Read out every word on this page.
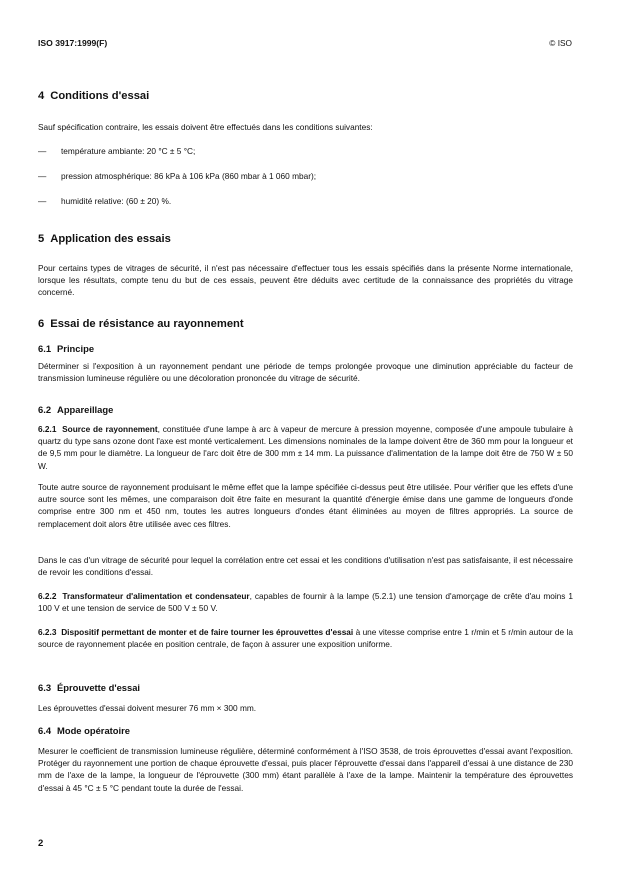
ISO 3917:1999(F)	© ISO
4 Conditions d'essai
Sauf spécification contraire, les essais doivent être effectués dans les conditions suivantes:
— température ambiante: 20 °C ± 5 °C;
— pression atmosphérique: 86 kPa à 106 kPa (860 mbar à 1 060 mbar);
— humidité relative: (60 ± 20) %.
5 Application des essais
Pour certains types de vitrages de sécurité, il n'est pas nécessaire d'effectuer tous les essais spécifiés dans la présente Norme internationale, lorsque les résultats, compte tenu du but de ces essais, peuvent être déduits avec certitude de la connaissance des propriétés du vitrage concerné.
6 Essai de résistance au rayonnement
6.1 Principe
Déterminer si l'exposition à un rayonnement pendant une période de temps prolongée provoque une diminution appréciable du facteur de transmission lumineuse régulière ou une décoloration prononcée du vitrage de sécurité.
6.2 Appareillage
6.2.1 Source de rayonnement, constituée d'une lampe à arc à vapeur de mercure à pression moyenne, composée d'une ampoule tubulaire à quartz du type sans ozone dont l'axe est monté verticalement. Les dimensions nominales de la lampe doivent être de 360 mm pour la longueur et de 9,5 mm pour le diamètre. La longueur de l'arc doit être de 300 mm ± 14 mm. La puissance d'alimentation de la lampe doit être de 750 W ± 50 W.
Toute autre source de rayonnement produisant le même effet que la lampe spécifiée ci-dessus peut être utilisée. Pour vérifier que les effets d'une autre source sont les mêmes, une comparaison doit être faite en mesurant la quantité d'énergie émise dans une gamme de longueurs d'onde comprise entre 300 nm et 450 nm, toutes les autres longueurs d'ondes étant éliminées au moyen de filtres appropriés. La source de remplacement doit alors être utilisée avec ces filtres.
Dans le cas d'un vitrage de sécurité pour lequel la corrélation entre cet essai et les conditions d'utilisation n'est pas satisfaisante, il est nécessaire de revoir les conditions d'essai.
6.2.2 Transformateur d'alimentation et condensateur, capables de fournir à la lampe (5.2.1) une tension d'amorçage de crête d'au moins 1 100 V et une tension de service de 500 V ± 50 V.
6.2.3 Dispositif permettant de monter et de faire tourner les éprouvettes d'essai à une vitesse comprise entre 1 r/min et 5 r/min autour de la source de rayonnement placée en position centrale, de façon à assurer une exposition uniforme.
6.3 Éprouvette d'essai
Les éprouvettes d'essai doivent mesurer 76 mm × 300 mm.
6.4 Mode opératoire
Mesurer le coefficient de transmission lumineuse régulière, déterminé conformément à l'ISO 3538, de trois éprouvettes d'essai avant l'exposition. Protéger du rayonnement une portion de chaque éprouvette d'essai, puis placer l'éprouvette d'essai dans l'appareil d'essai à une distance de 230 mm de l'axe de la lampe, la longueur de l'éprouvette (300 mm) étant parallèle à l'axe de la lampe. Maintenir la température des éprouvettes d'essai à 45 °C ± 5 °C pendant toute la durée de l'essai.
2
